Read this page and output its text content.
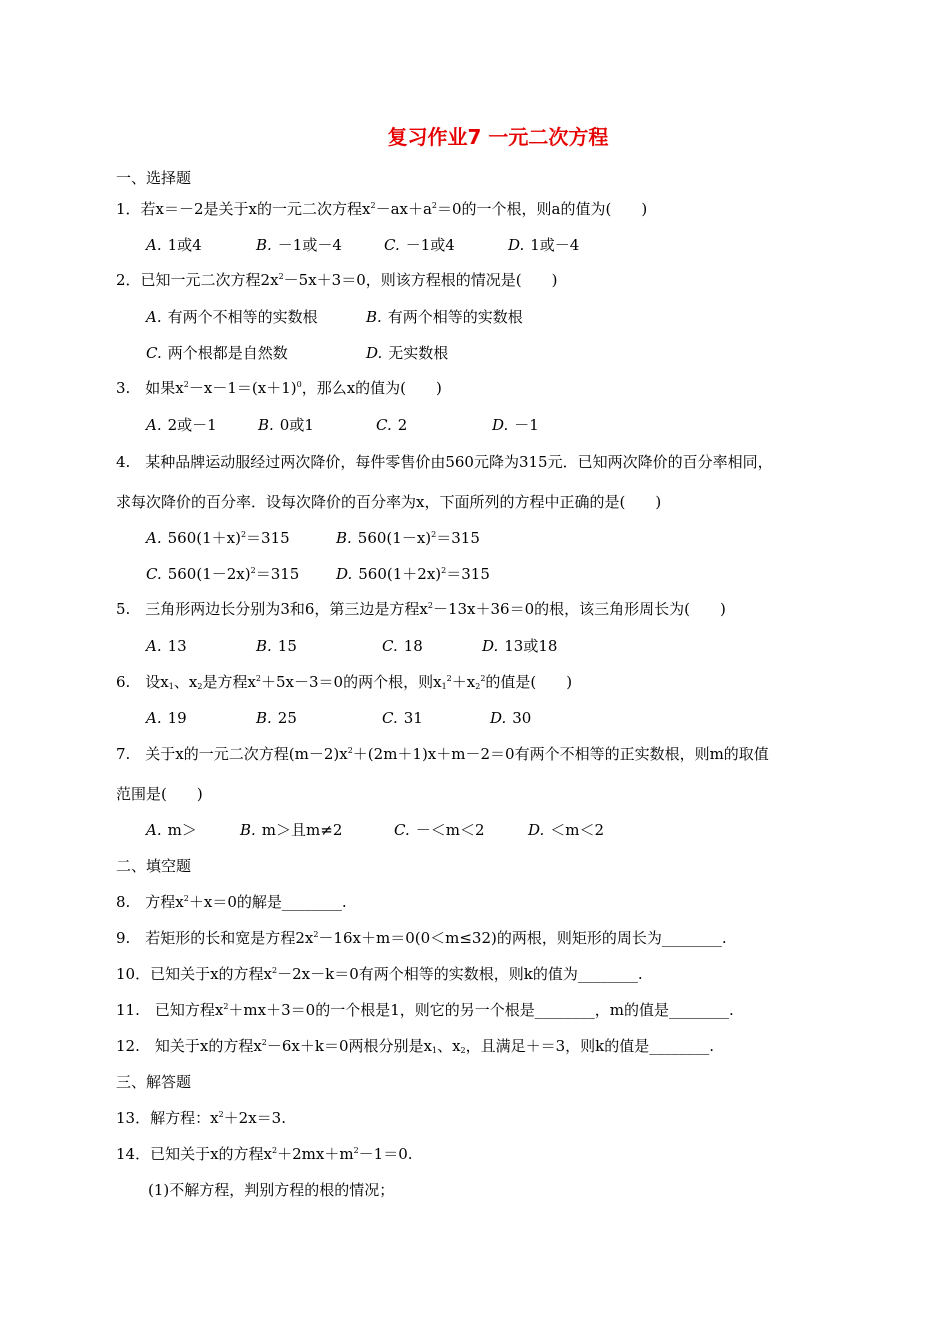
复习作业7 一元二次方程
一、选择题
1．若x＝－2是关于x的一元二次方程$x^2-ax+a^2=0$的一个根，则a的值为(　　)
A. 1或4	B. －1或－4	C. －1或4	D. 1或－4
2．已知一元二次方程$2x^2-5x+3=0$，则该方程根的情况是(　　)
A. 有两个不相等的实数根	B. 有两个相等的实数根
C. 两个根都是自然数	D. 无实数根
3.　如果$x^2-x-1=(x+1)^0$，那么x的值为(　　)
A. 2或－1	B. 0或1	C. 2	D. －1
4.　某种品牌运动服经过两次降价，每件零售价由560元降为315元．已知两次降价的百分率相同，
求每次降价的百分率．设每次降价的百分率为x，下面所列的方程中正确的是(　　)
A. $560(1+x)^2=315$	B. $560(1-x)^2=315$
C. $560(1-2x)^2=315$ D. $560(1+2x)^2=315$
5.　三角形两边长分别为3和6，第三边是方程$x^2-13x+36=0$的根，该三角形周长为(　　)
A. 13	B. 15	C. 18	D. 13或18
6.　设$x_1$、$x_2$是方程$x^2+5x-3=0$的两个根，则$x_1^2+x_2^2$的值是(　　)
A. 19	B. 25	C. 31	D. 30
7.　关于x的一元二次方程$(m-2)x^2+(2m+1)x+m-2=0$有两个不相等的正实数根，则m的取值
范围是(　　)
A. m＞	B. m＞且m≠2	C. －＜m＜2	D. ＜m＜2
二、填空题
8.　方程$x^2+x=0$的解是________.
9.　若矩形的长和宽是方程$2x^2-16x+m=0(0<m\le 32)$的两根，则矩形的周长为________.
10．已知关于x的方程$x^2-2x-k=0$有两个相等的实数根，则k的值为________.
11.　已知方程$x^2+mx+3=0$的一个根是1，则它的另一个根是________，m的值是________.
12.　知关于x的方程$x^2-6x+k=0$两根分别是$x_1$、$x_2$，且满足＋＝3，则k的值是________.
三、解答题
13．解方程：$x^2+2x=3$.
14．已知关于x的方程$x^2+2mx+m^2-1=0$.
(1)不解方程，判别方程的根的情况；
